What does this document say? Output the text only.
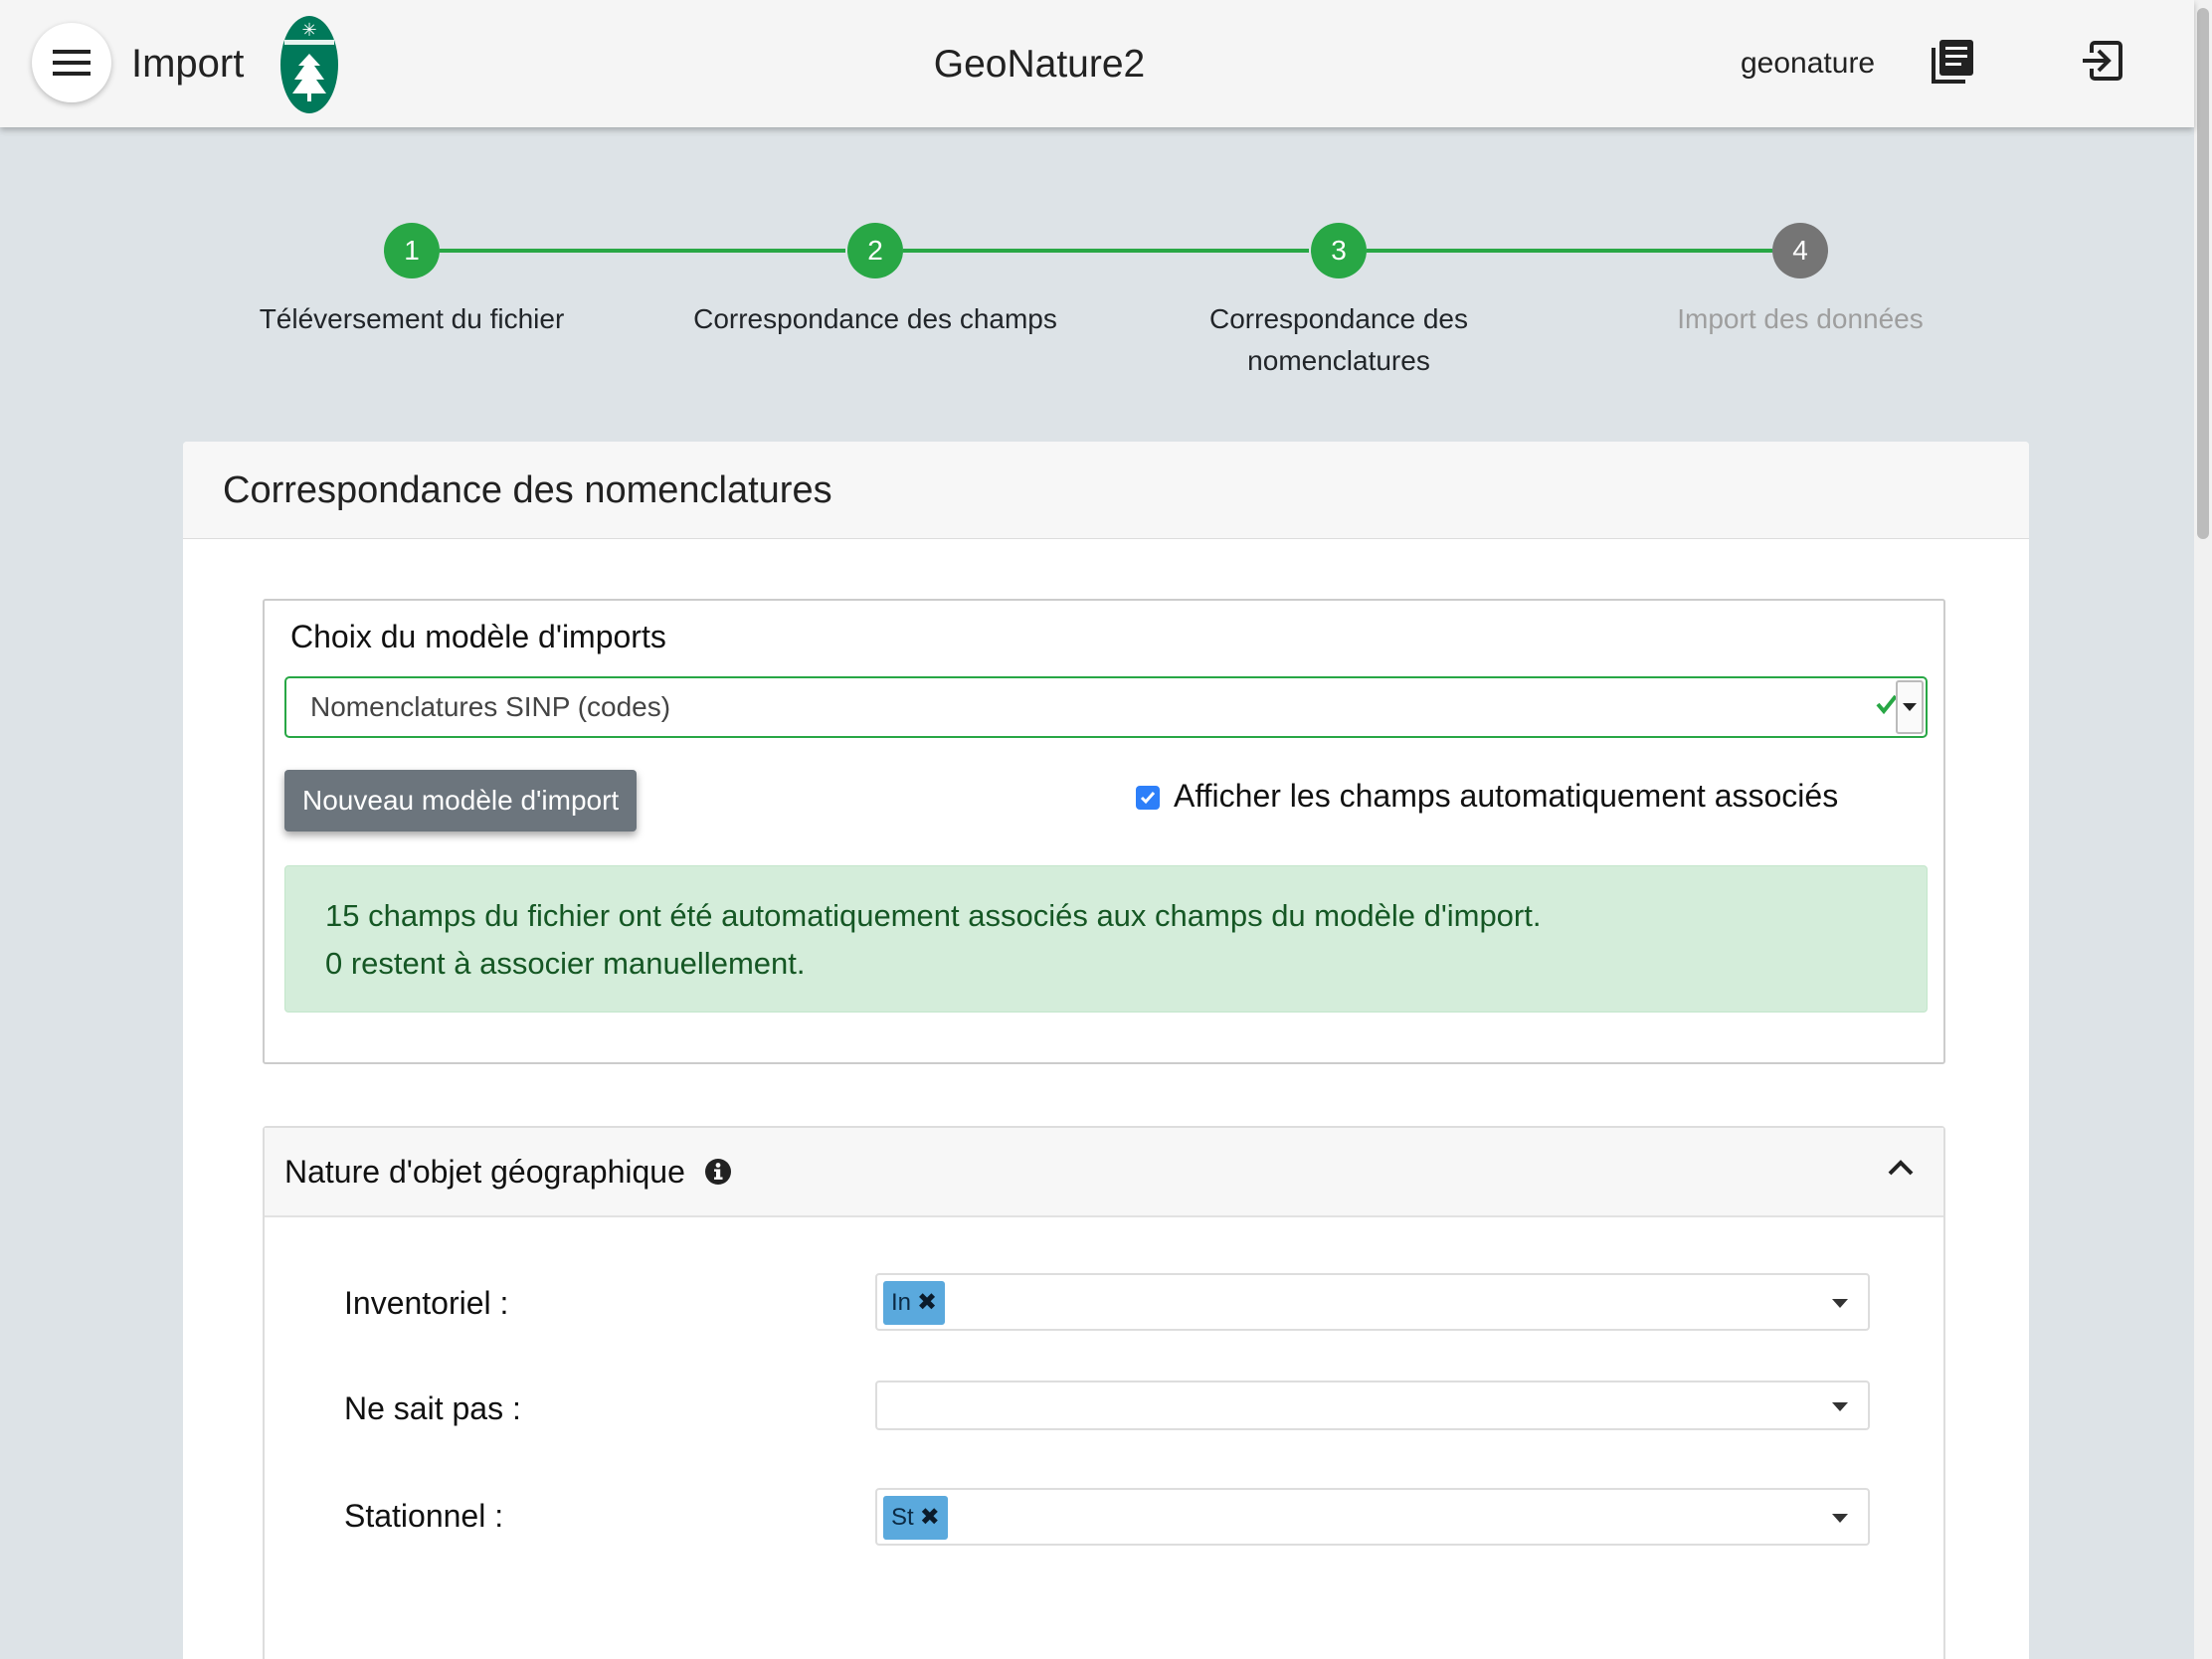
Import
✳
GeoNature2	geonature
1	2	3	4
Téléversement du fichier	Correspondance des champs	Correspondance des nomenclatures
Import des données
Correspondance des nomenclatures
Choix du modèle d'imports
Nomenclatures SINP (codes)
Nouveau modèle d'import	Afficher les champs automatiquement associés
15 champs du fichier ont été automatiquement associés aux champs du modèle d'import.
0 restent à associer manuellement.
Nature d'objet géographique
Inventoriel :	In ✖
Ne sait pas :
Stationnel :	St ✖
